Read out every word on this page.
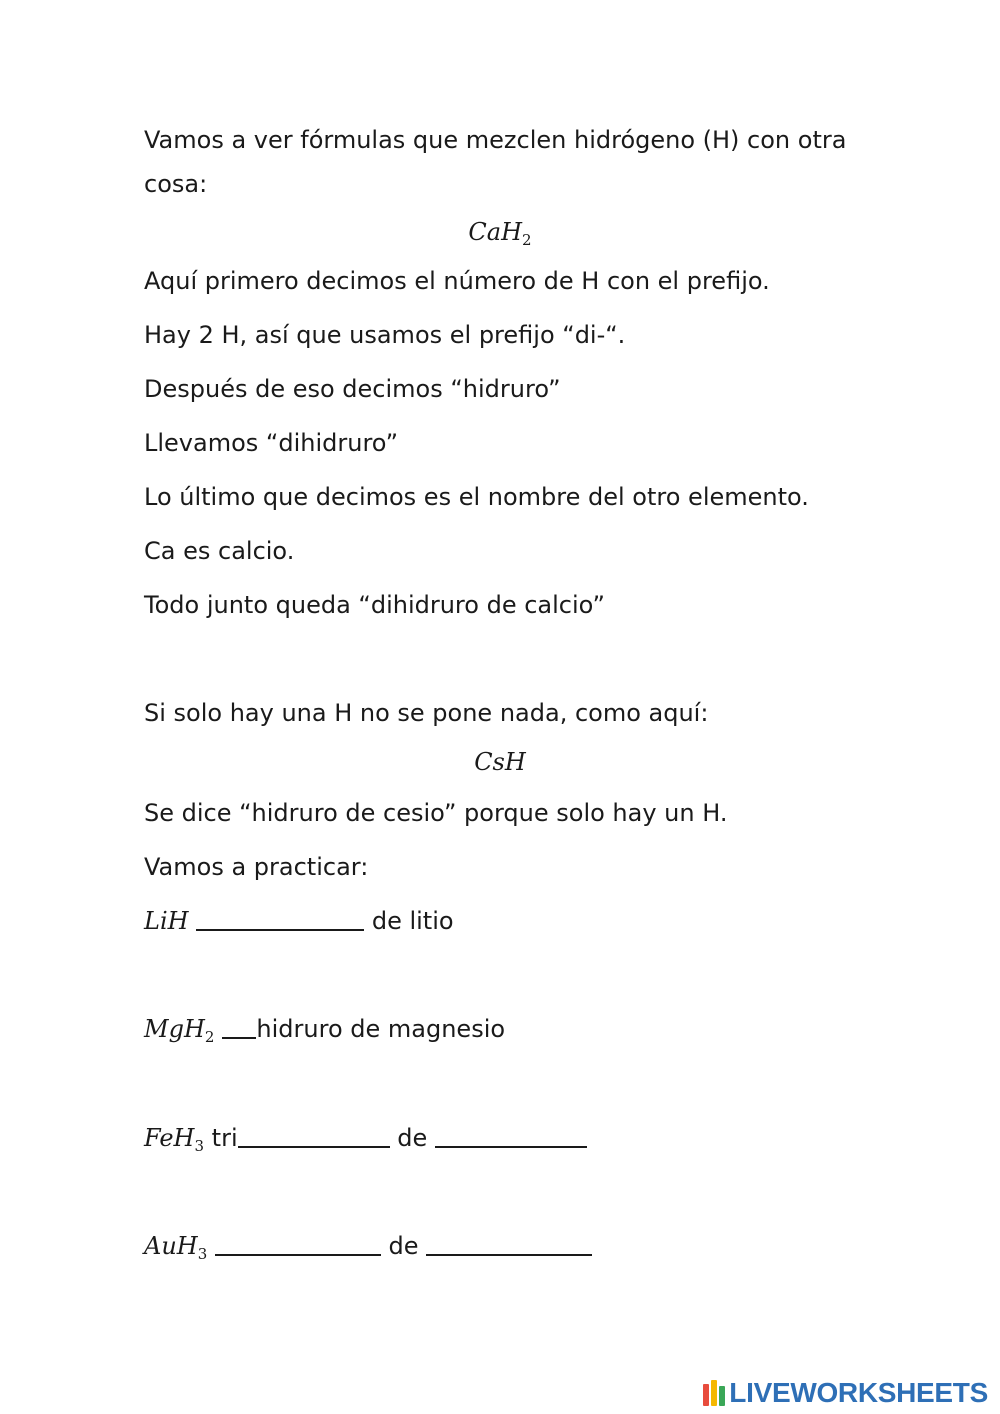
Vamos a ver fórmulas que mezclen hidrógeno (H) con otra
cosa:
CaH$_2$
Aquí primero decimos el número de H con el prefijo.
Hay 2 H, así que usamos el prefijo “di-“.
Después de eso decimos “hidruro”
Llevamos “dihidruro”
Lo último que decimos es el nombre del otro elemento.
Ca es calcio.
Todo junto queda “dihidruro de calcio”
Si solo hay una H no se pone nada, como aquí:
CsH
Se dice “hidruro de cesio” porque solo hay un H.
Vamos a practicar:
LiH	de litio
MgH$_2$ hidruro de magnesio
FeH$_3$ tri	de
AuH$_3$	de
LIVEWORKSHEETS
